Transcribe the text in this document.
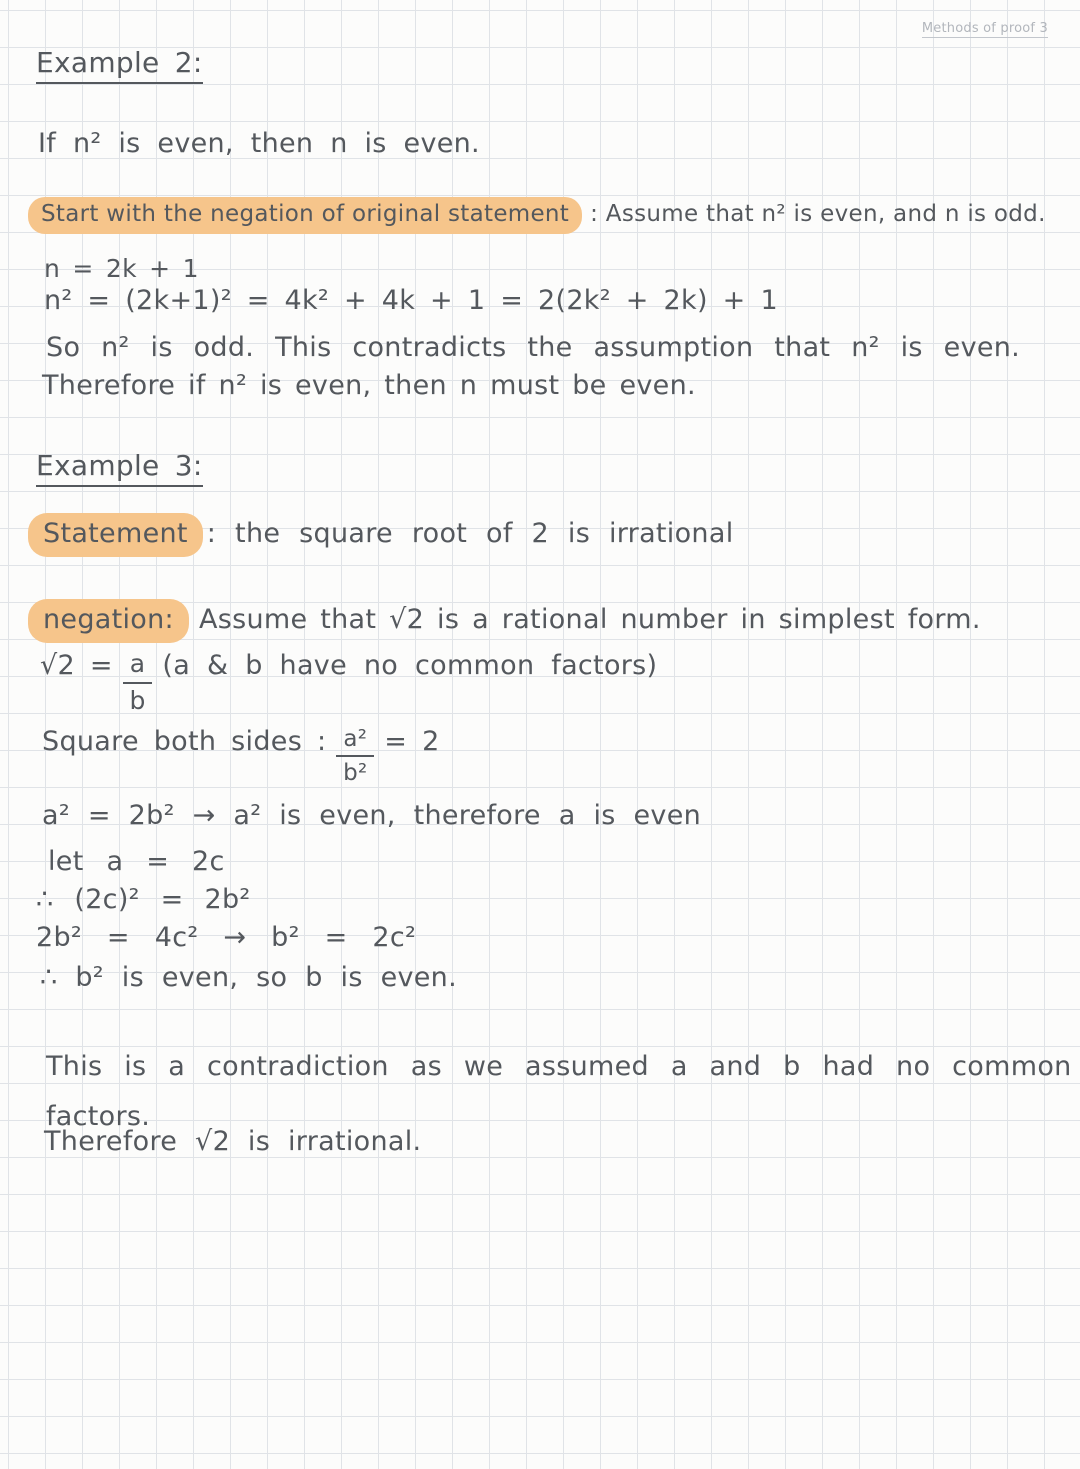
Methods of proof 3
Example 2:
If n² is even, then n is even.
Start with the negation of original statement : Assume that n² is even, and n is odd.
n = 2k + 1
n² = (2k+1)² = 4k² + 4k + 1 = 2(2k² + 2k) + 1
So n² is odd. This contradicts the assumption that n² is even.
Therefore if n² is even, then n must be even.
Example 3:
Statement : the square root of 2 is irrational
negation: Assume that √2 is a rational number in simplest form.
$√2 = \frac{a}{b} (a$ & b have no common factors)
Square both sides : $\frac{\text{a²}}{\text{b²}} = 2$
a² = 2b² → a² is even, therefore a is even
let a = 2c
∴ (2c)² = 2b²
2b² = 4c² → b² = 2c²
∴ b² is even, so b is even.
This is a contradiction as we assumed a and b had no common factors.
Therefore √2 is irrational.
